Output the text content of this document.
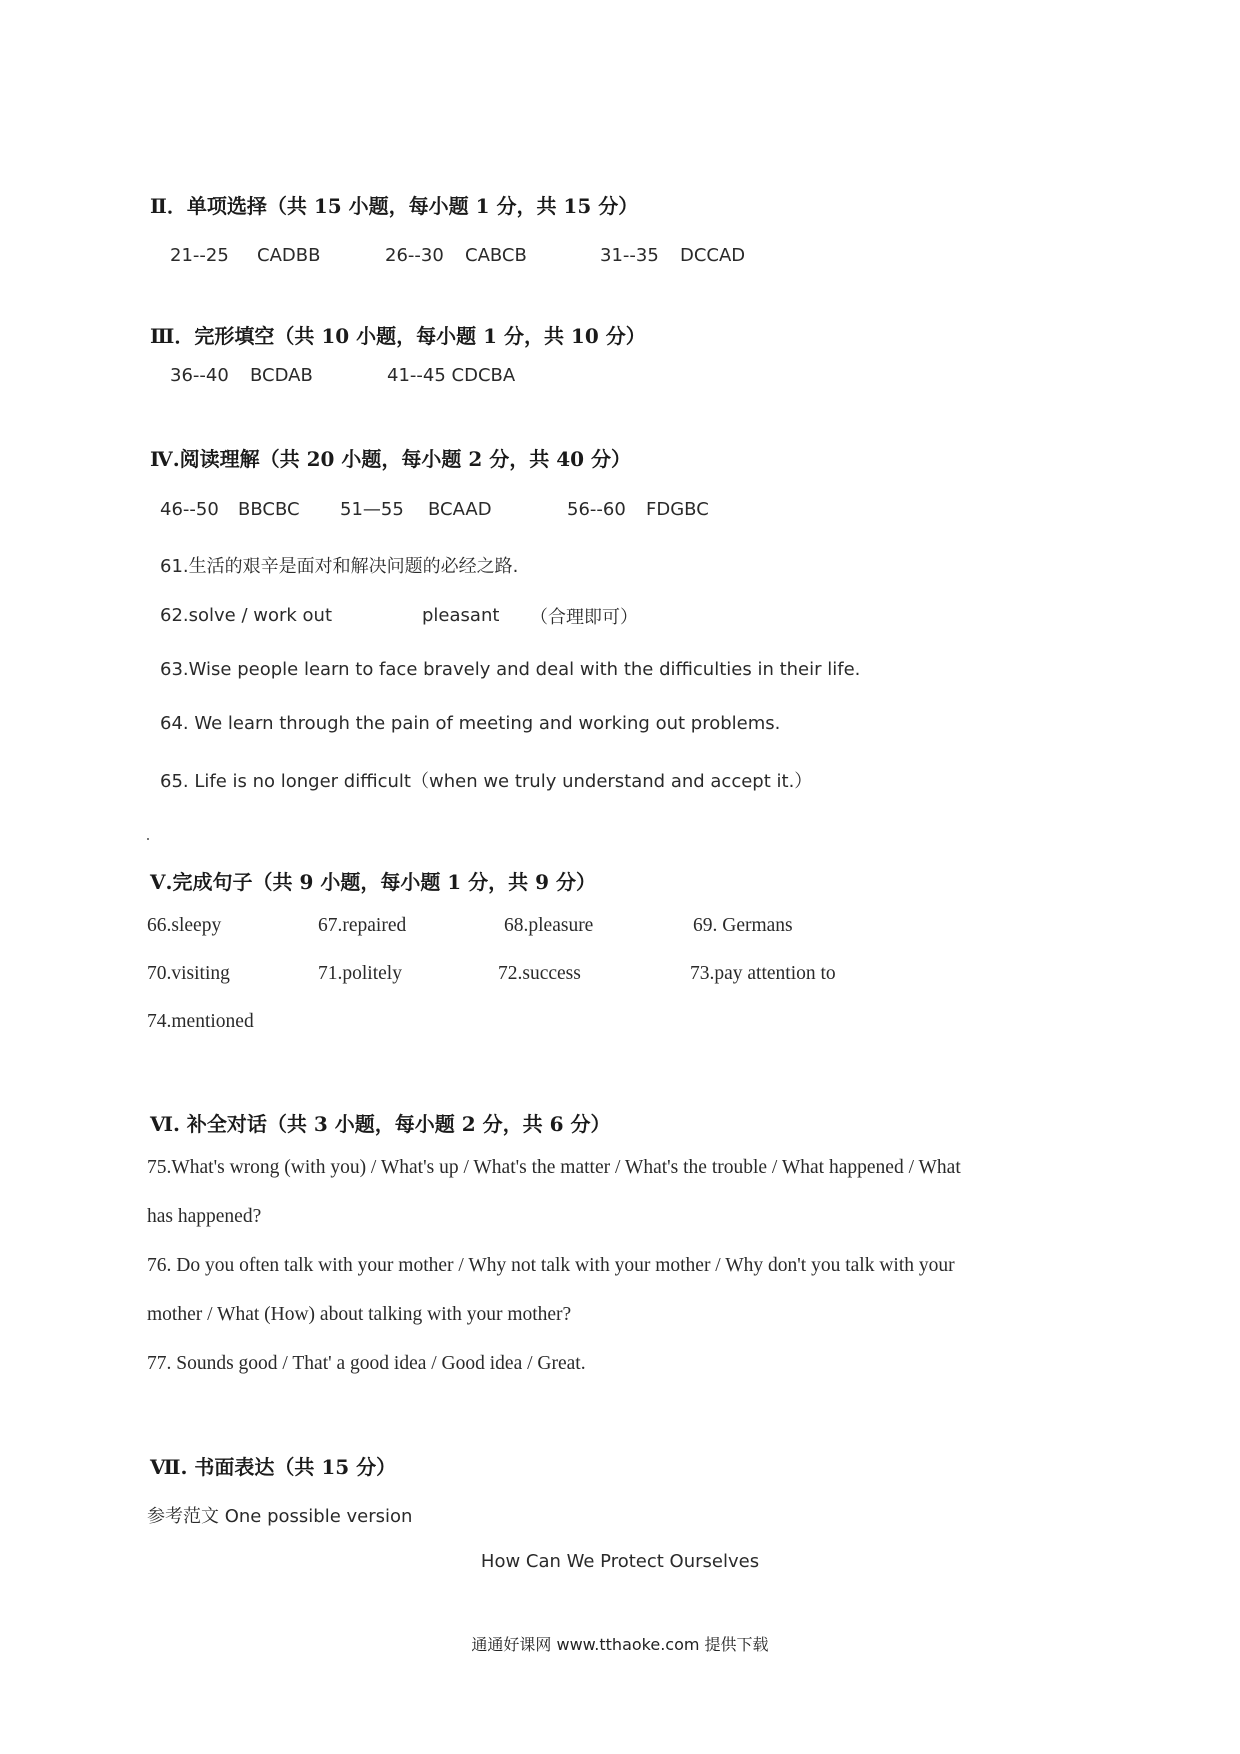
Ⅱ．单项选择（共 15 小题，每小题 1 分，共 15 分）
21--25 CADBB	26--30 CABCB	31--35 DCCAD
Ⅲ．完形填空（共 10 小题，每小题 1 分，共 10 分）
36--40 BCDAB	41--45 CDCBA
Ⅳ.阅读理解（共 20 小题，每小题 2 分，共 40 分）
46--50 BBCBC 51—55 BCAAD	56--60 FDGBC
61.生活的艰辛是面对和解决问题的必经之路.
62.solve / work out	pleasant （合理即可）
63.Wise people learn to face bravely and deal with the difficulties in their life.
64. We learn through the pain of meeting and working out problems.
65. Life is no longer difficult（when we truly understand and accept it.）
Ⅴ.完成句子（共 9 小题，每小题 1 分，共 9 分）
66.sleepy	67.repaired	68.pleasure	69. Germans
70.visiting	71.politely	72.success	73.pay attention to
74.mentioned
Ⅵ. 补全对话（共 3 小题，每小题 2 分，共 6 分）
75.What's wrong (with you) / What's up / What's the matter / What's the trouble / What happened / What
has happened?
76. Do you often talk with your mother / Why not talk with your mother / Why don't you talk with your
mother / What (How) about talking with your mother?
77. Sounds good / That' a good idea / Good idea / Great.
Ⅶ. 书面表达（共 15 分）
参考范文 One possible version
How Can We Protect Ourselves
通通好课网 www.tthaoke.com 提供下载
